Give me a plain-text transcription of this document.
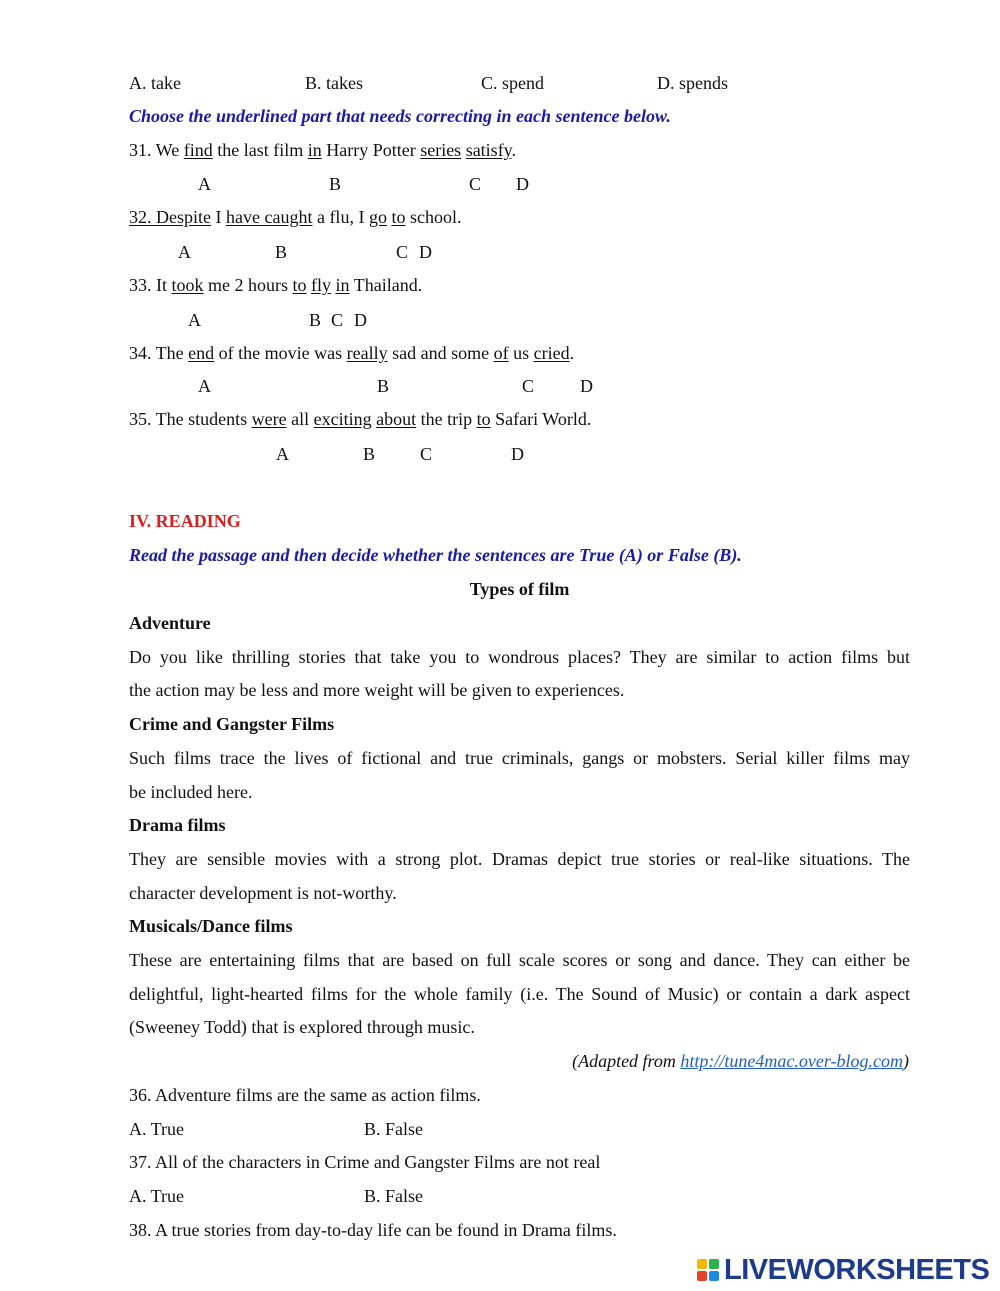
A. take	B. takes	C. spend	D. spends
Choose the underlined part that needs correcting in each sentence below.
31. We find the last film in Harry Potter series satisfy.
A	B	C D
32. Despite I have caught a flu, I go to school.
A	B	C D
33. It took me 2 hours to fly in Thailand.
A	B C D
34. The end of the movie was really sad and some of us cried.
A	B	C	D
35. The students were all exciting about the trip to Safari World.
A	B C	D
IV. READING
Read the passage and then decide whether the sentences are True (A) or False (B).
Types of film
Adventure
Do you like thrilling stories that take you to wondrous places? They are similar to action films but
the action may be less and more weight will be given to experiences.
Crime and Gangster Films
Such films trace the lives of fictional and true criminals, gangs or mobsters. Serial killer films may
be included here.
Drama films
They are sensible movies with a strong plot. Dramas depict true stories or real-like situations. The
character development is not-worthy.
Musicals/Dance films
These are entertaining films that are based on full scale scores or song and dance. They can either be
delightful, light-hearted films for the whole family (i.e. The Sound of Music) or contain a dark aspect
(Sweeney Todd) that is explored through music.
(Adapted from http://tune4mac.over-blog.com)
36. Adventure films are the same as action films.
A. True	B. False
37. All of the characters in Crime and Gangster Films are not real
A. True	B. False
38. A true stories from day-to-day life can be found in Drama films.
LIVEWORKSHEETS
